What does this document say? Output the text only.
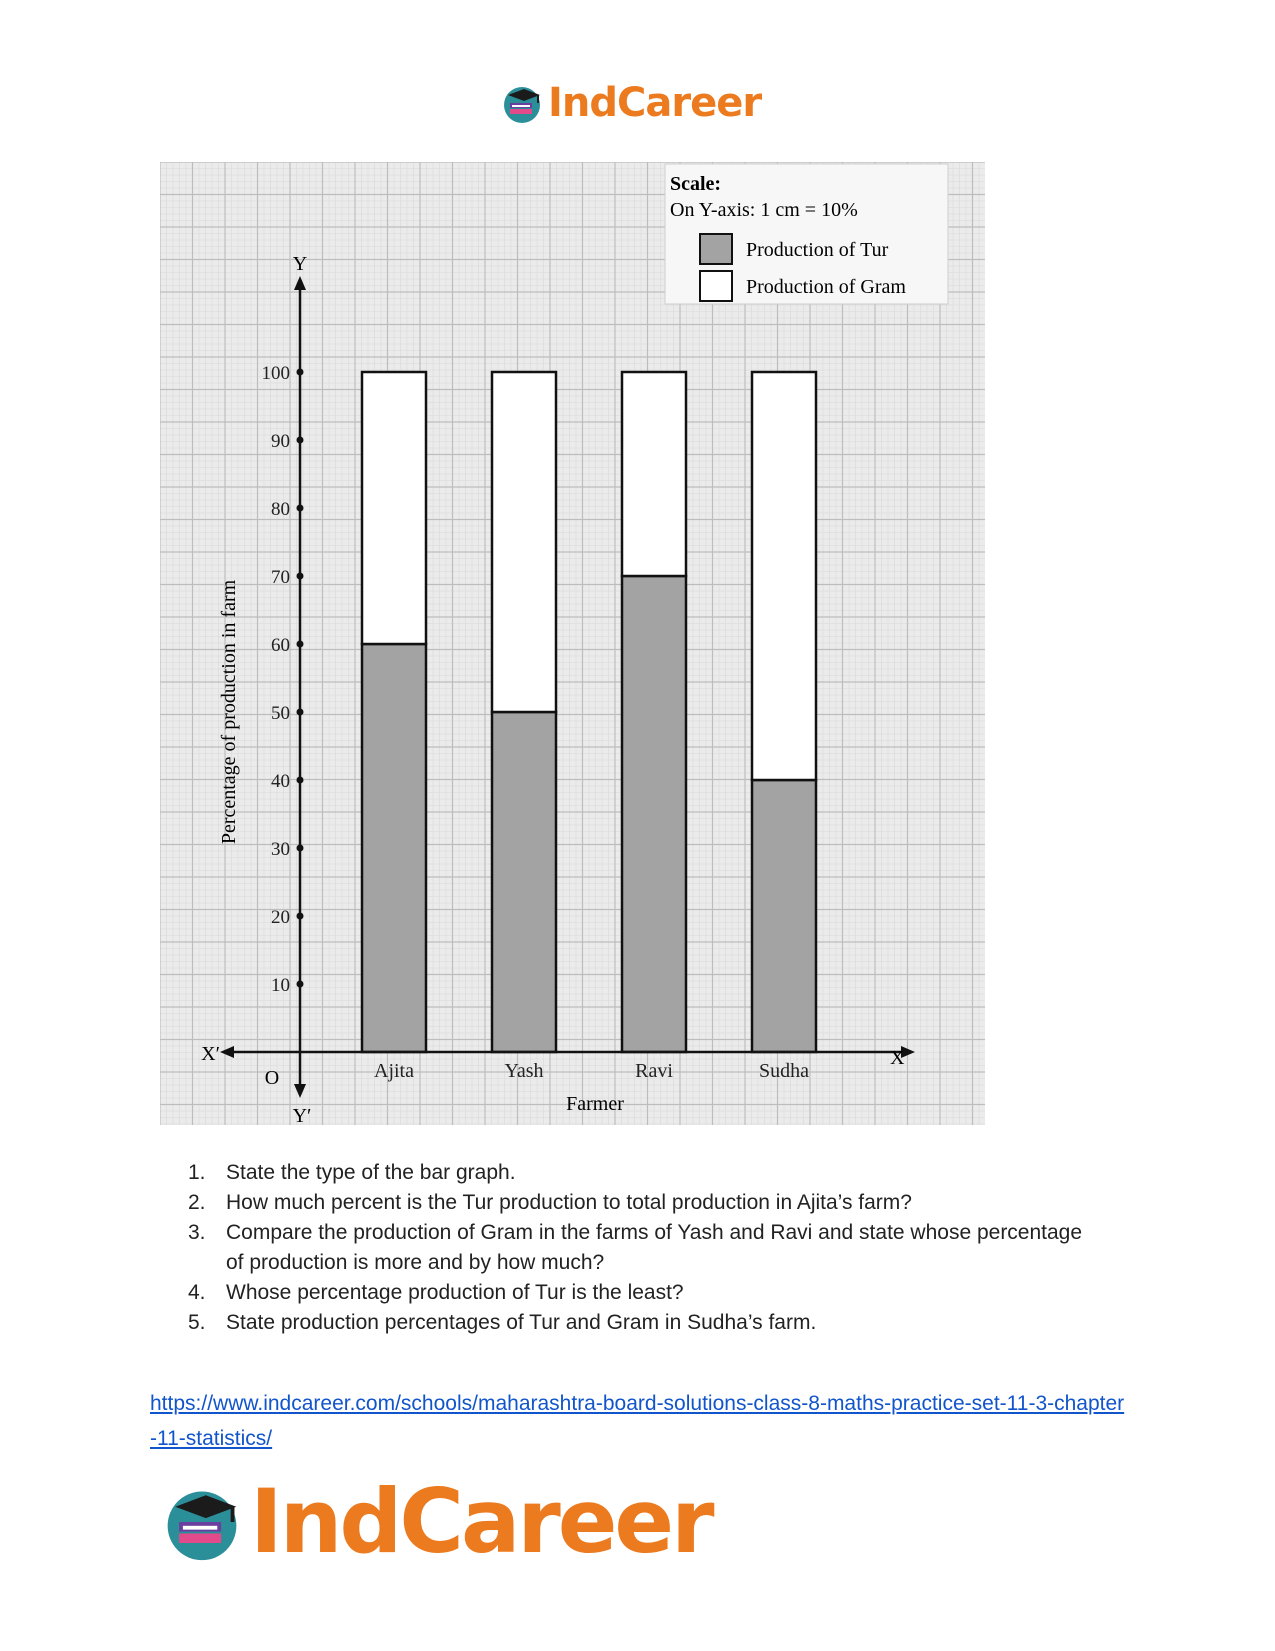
IndCareer
10
20
30
40
50
60
70
80
90
100
Ajita	Yash	Ravi	Sudha
Y
Y′
X
X′
O
Farmer
Percentage of production in farm
Scale:
On Y-axis: 1 cm = 10%
Production of Tur
Production of Gram
1. State the type of the bar graph.
2. How much percent is the Tur production to total production in Ajita’s farm?
3. Compare the production of Gram in the farms of Yash and Ravi and state whose percentage of production is more and by how much?
4. Whose percentage production of Tur is the least?
5. State production percentages of Tur and Gram in Sudha’s farm.
https://www.indcareer.com/schools/maharashtra-board-solutions-class-8-maths-practice-set-11-3-chapter-11-statistics/
IndCareer
